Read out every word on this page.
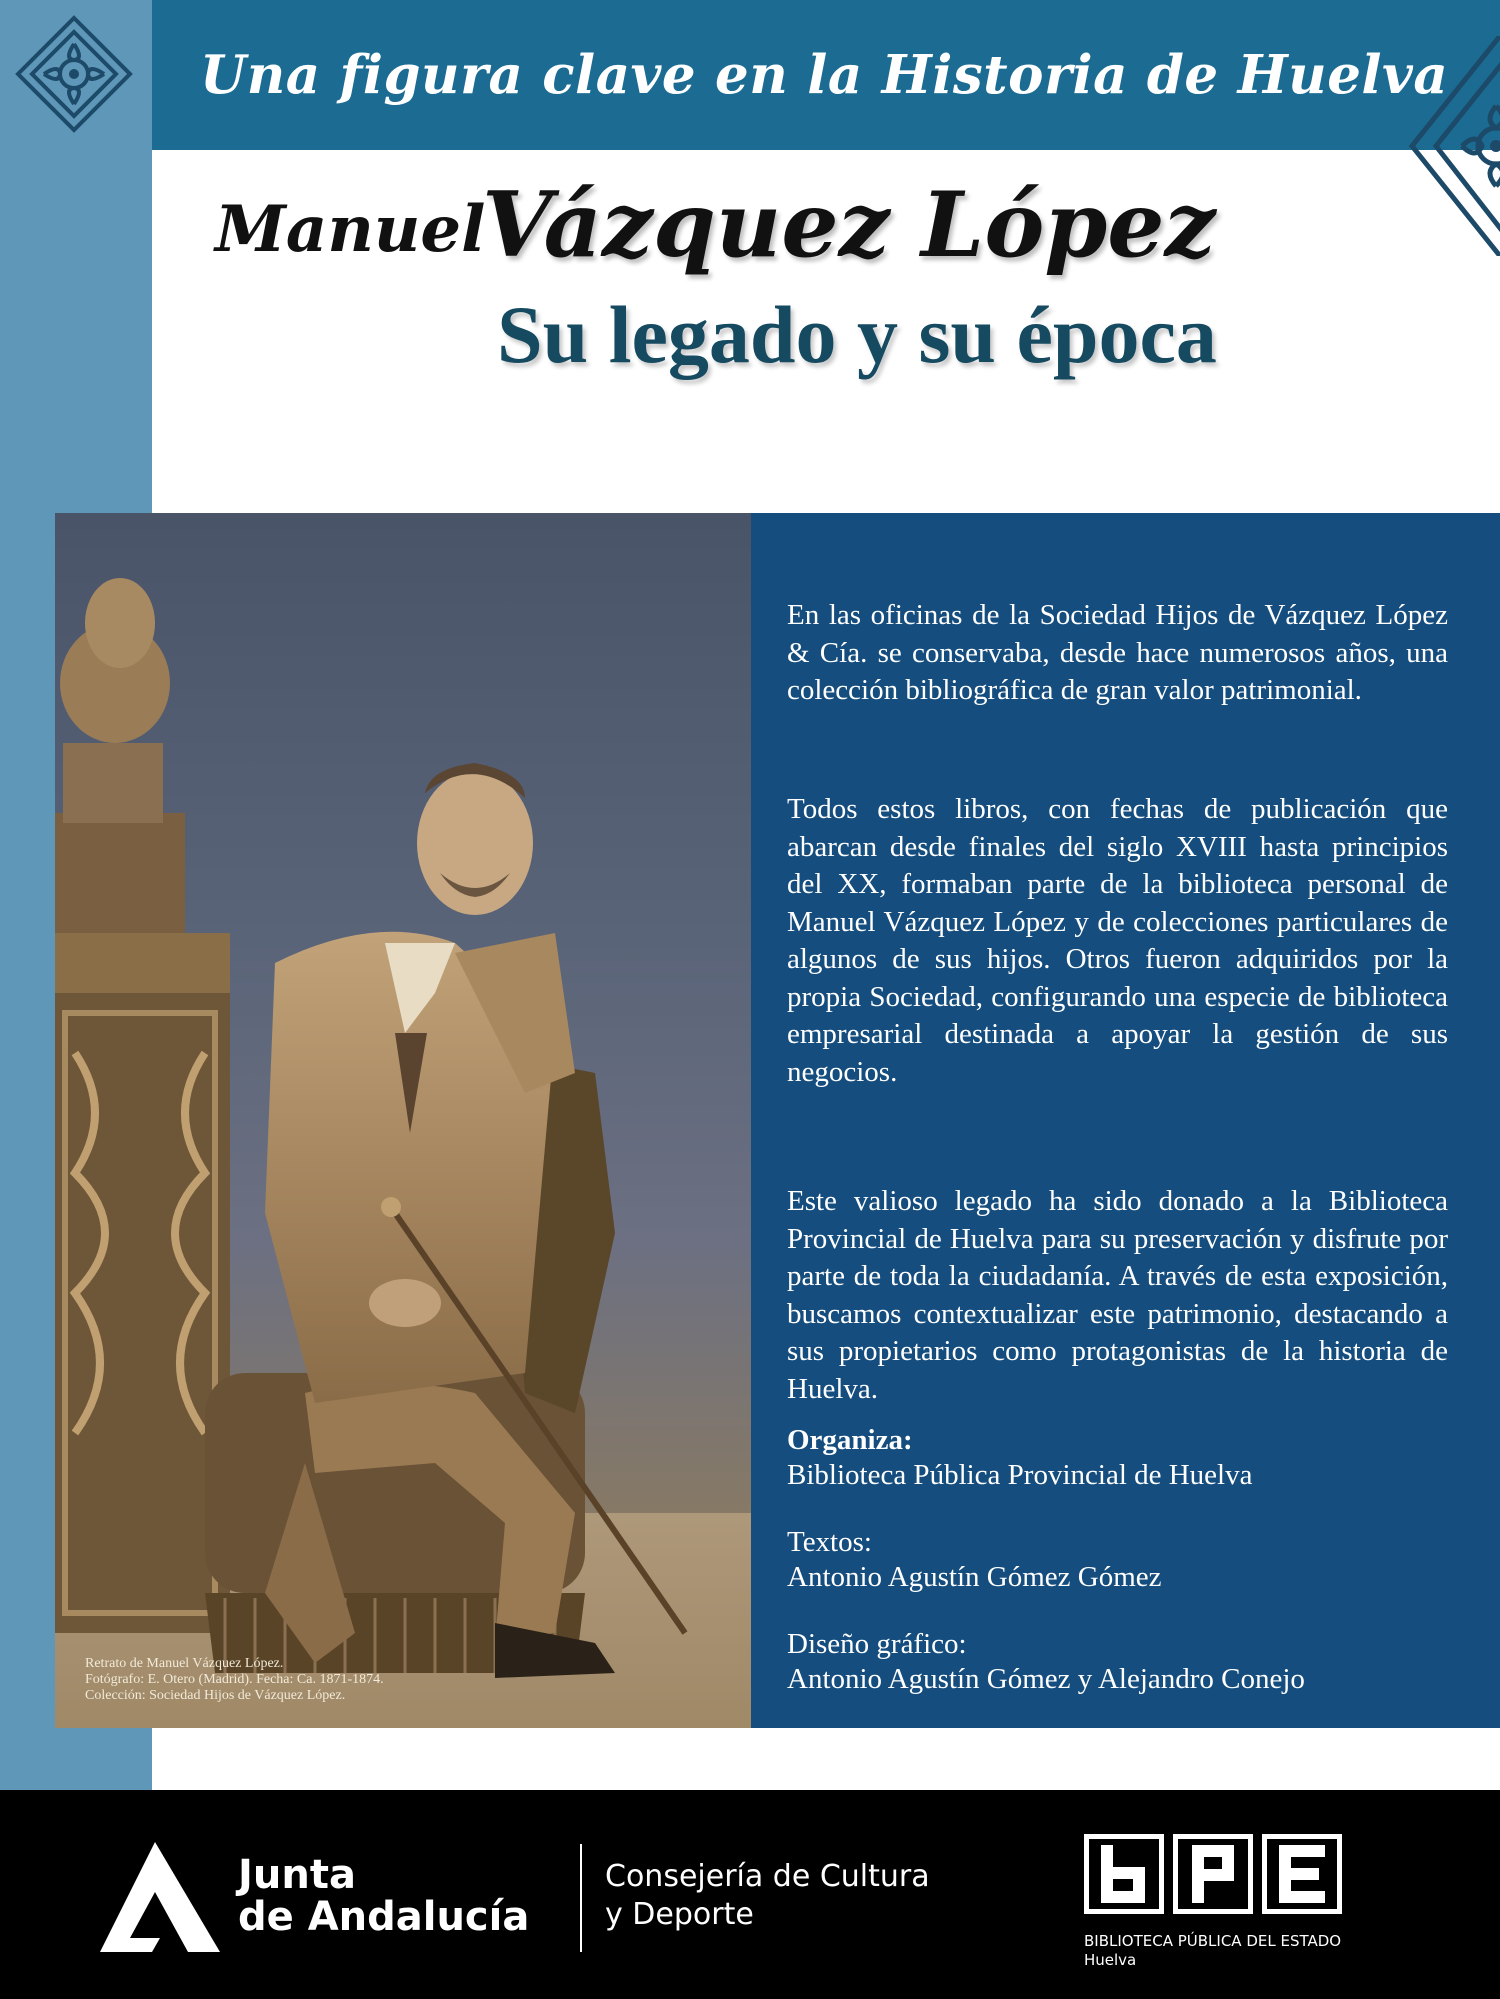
Una figura clave en la Historia de Huelva
Manuel
Vázquez López
Su legado y su época
Retrato de Manuel Vázquez López.
Fotógrafo: E. Otero (Madrid). Fecha: Ca. 1871-1874.
Colección: Sociedad Hijos de Vázquez López.

En las oficinas de la Sociedad Hijos de Vázquez López & Cía. se conservaba, desde hace numerosos años, una colección bibliográfica de gran valor patrimonial.

Todos estos libros, con fechas de publicación que abarcan desde finales del siglo XVIII hasta principios del XX, formaban parte de la biblioteca personal de Manuel Vázquez López y de colecciones particulares de algunos de sus hijos. Otros fueron adquiridos por la propia Sociedad, configurando una especie de biblioteca empresarial destinada a apoyar la gestión de sus negocios.

Este valioso legado ha sido donado a la Biblioteca Provincial de Huelva para su preservación y disfrute por parte de toda la ciudadanía. A través de esta exposición, buscamos contextualizar este patrimonio, destacando a sus propietarios como protagonistas de la historia de Huelva.

Organiza:
Biblioteca Pública Provincial de Huelva
Textos:
Antonio Agustín Gómez Gómez
Diseño gráfico:
Antonio Agustín Gómez y Alejandro Conejo
Junta
de Andalucía
Consejería de Cultura
y Deporte
BIBLIOTECA PÚBLICA DEL ESTADO
Huelva
